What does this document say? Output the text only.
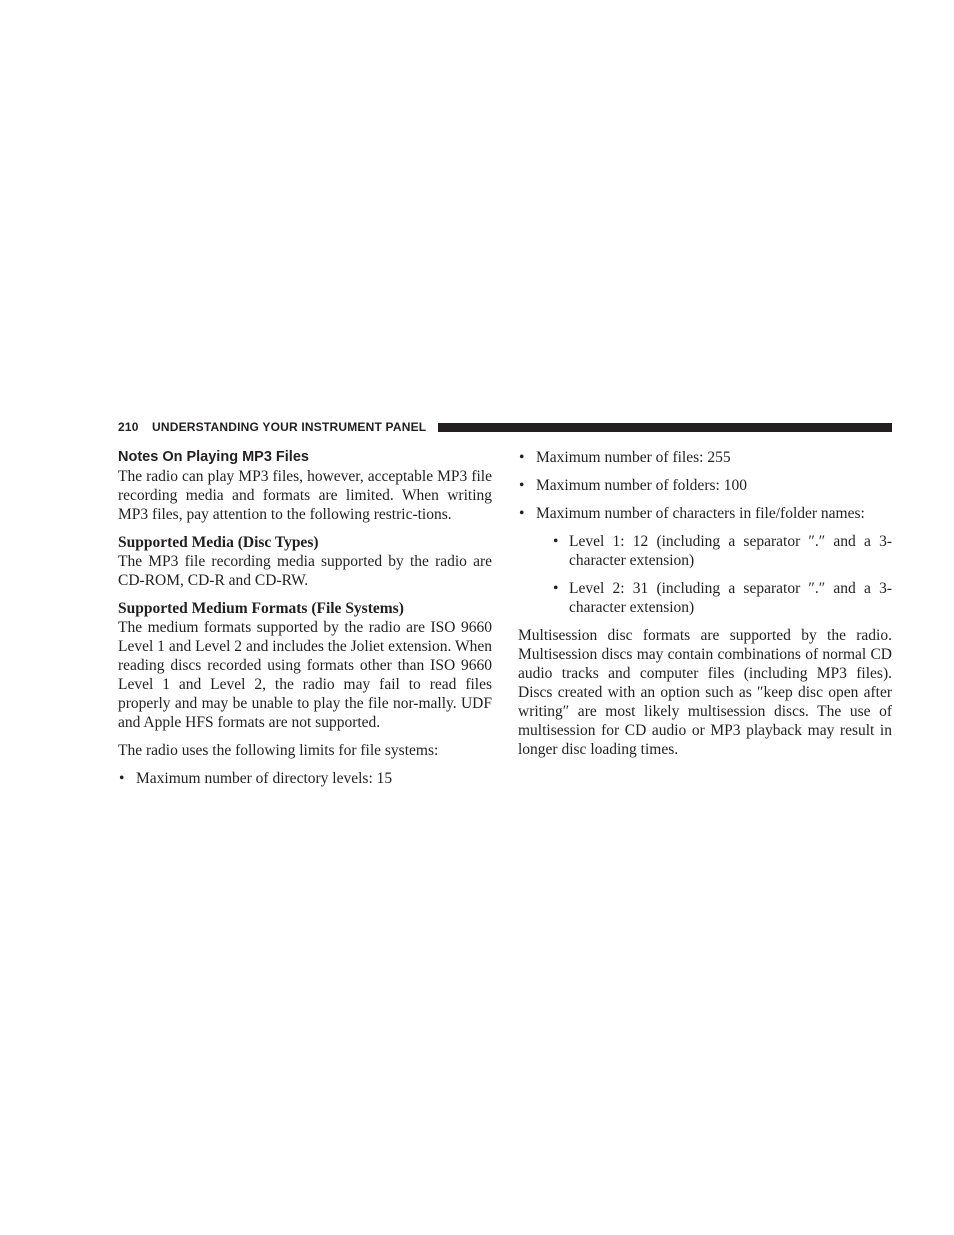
210 UNDERSTANDING YOUR INSTRUMENT PANEL
Notes On Playing MP3 Files

The radio can play MP3 files, however, acceptable MP3 file recording media and formats are limited. When writing MP3 files, pay attention to the following restric-tions.

Supported Media (Disc Types)

The MP3 file recording media supported by the radio are CD-ROM, CD-R and CD-RW.

Supported Medium Formats (File Systems)

The medium formats supported by the radio are ISO 9660 Level 1 and Level 2 and includes the Joliet extension. When reading discs recorded using formats other than ISO 9660 Level 1 and Level 2, the radio may fail to read files properly and may be unable to play the file nor-mally. UDF and Apple HFS formats are not supported.

The radio uses the following limits for file systems:

• Maximum number of directory levels: 15
• Maximum number of files: 255
• Maximum number of folders: 100
• Maximum number of characters in file/folder names:
• Level 1: 12 (including a separator ″.″ and a 3-character extension)
• Level 2: 31 (including a separator ″.″ and a 3-character extension)

Multisession disc formats are supported by the radio. Multisession discs may contain combinations of normal CD audio tracks and computer files (including MP3 files). Discs created with an option such as ″keep disc open after writing″ are most likely multisession discs. The use of multisession for CD audio or MP3 playback may result in longer disc loading times.
